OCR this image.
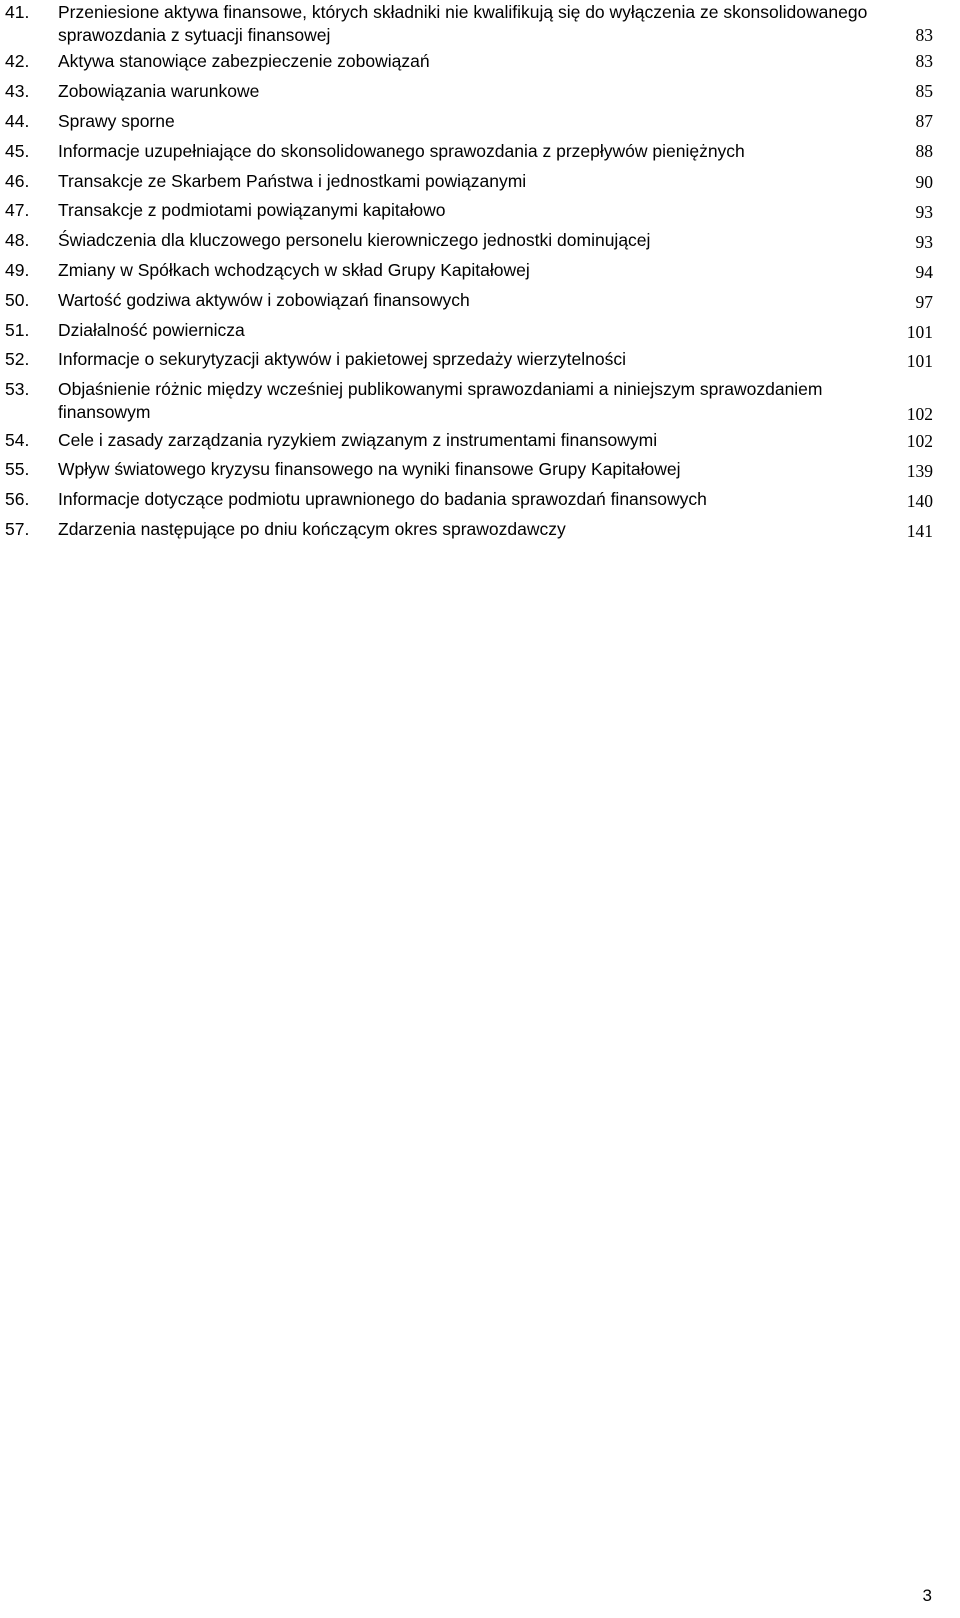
41. Przeniesione aktywa finansowe, których składniki nie kwalifikują się do wyłączenia ze skonsolidowanego sprawozdania z sytuacji finansowej	83
42. Aktywa stanowiące zabezpieczenie zobowiązań	83
43. Zobowiązania warunkowe	85
44. Sprawy sporne	87
45. Informacje uzupełniające do skonsolidowanego sprawozdania z przepływów pieniężnych	88
46. Transakcje ze Skarbem Państwa i jednostkami powiązanymi	90
47. Transakcje z podmiotami powiązanymi kapitałowo	93
48. Świadczenia dla kluczowego personelu kierowniczego jednostki dominującej	93
49. Zmiany w Spółkach wchodzących w skład Grupy Kapitałowej	94
50. Wartość godziwa aktywów i zobowiązań finansowych	97
51. Działalność powiernicza	101
52. Informacje o sekurytyzacji aktywów i pakietowej sprzedaży wierzytelności	101
53. Objaśnienie różnic między wcześniej publikowanymi sprawozdaniami a niniejszym sprawozdaniem finansowym	102
54. Cele i zasady zarządzania ryzykiem związanym z instrumentami finansowymi	102
55. Wpływ światowego kryzysu finansowego na wyniki finansowe Grupy Kapitałowej	139
56. Informacje dotyczące podmiotu uprawnionego do badania sprawozdań finansowych	140
57. Zdarzenia następujące po dniu kończącym okres sprawozdawczy	141
3
